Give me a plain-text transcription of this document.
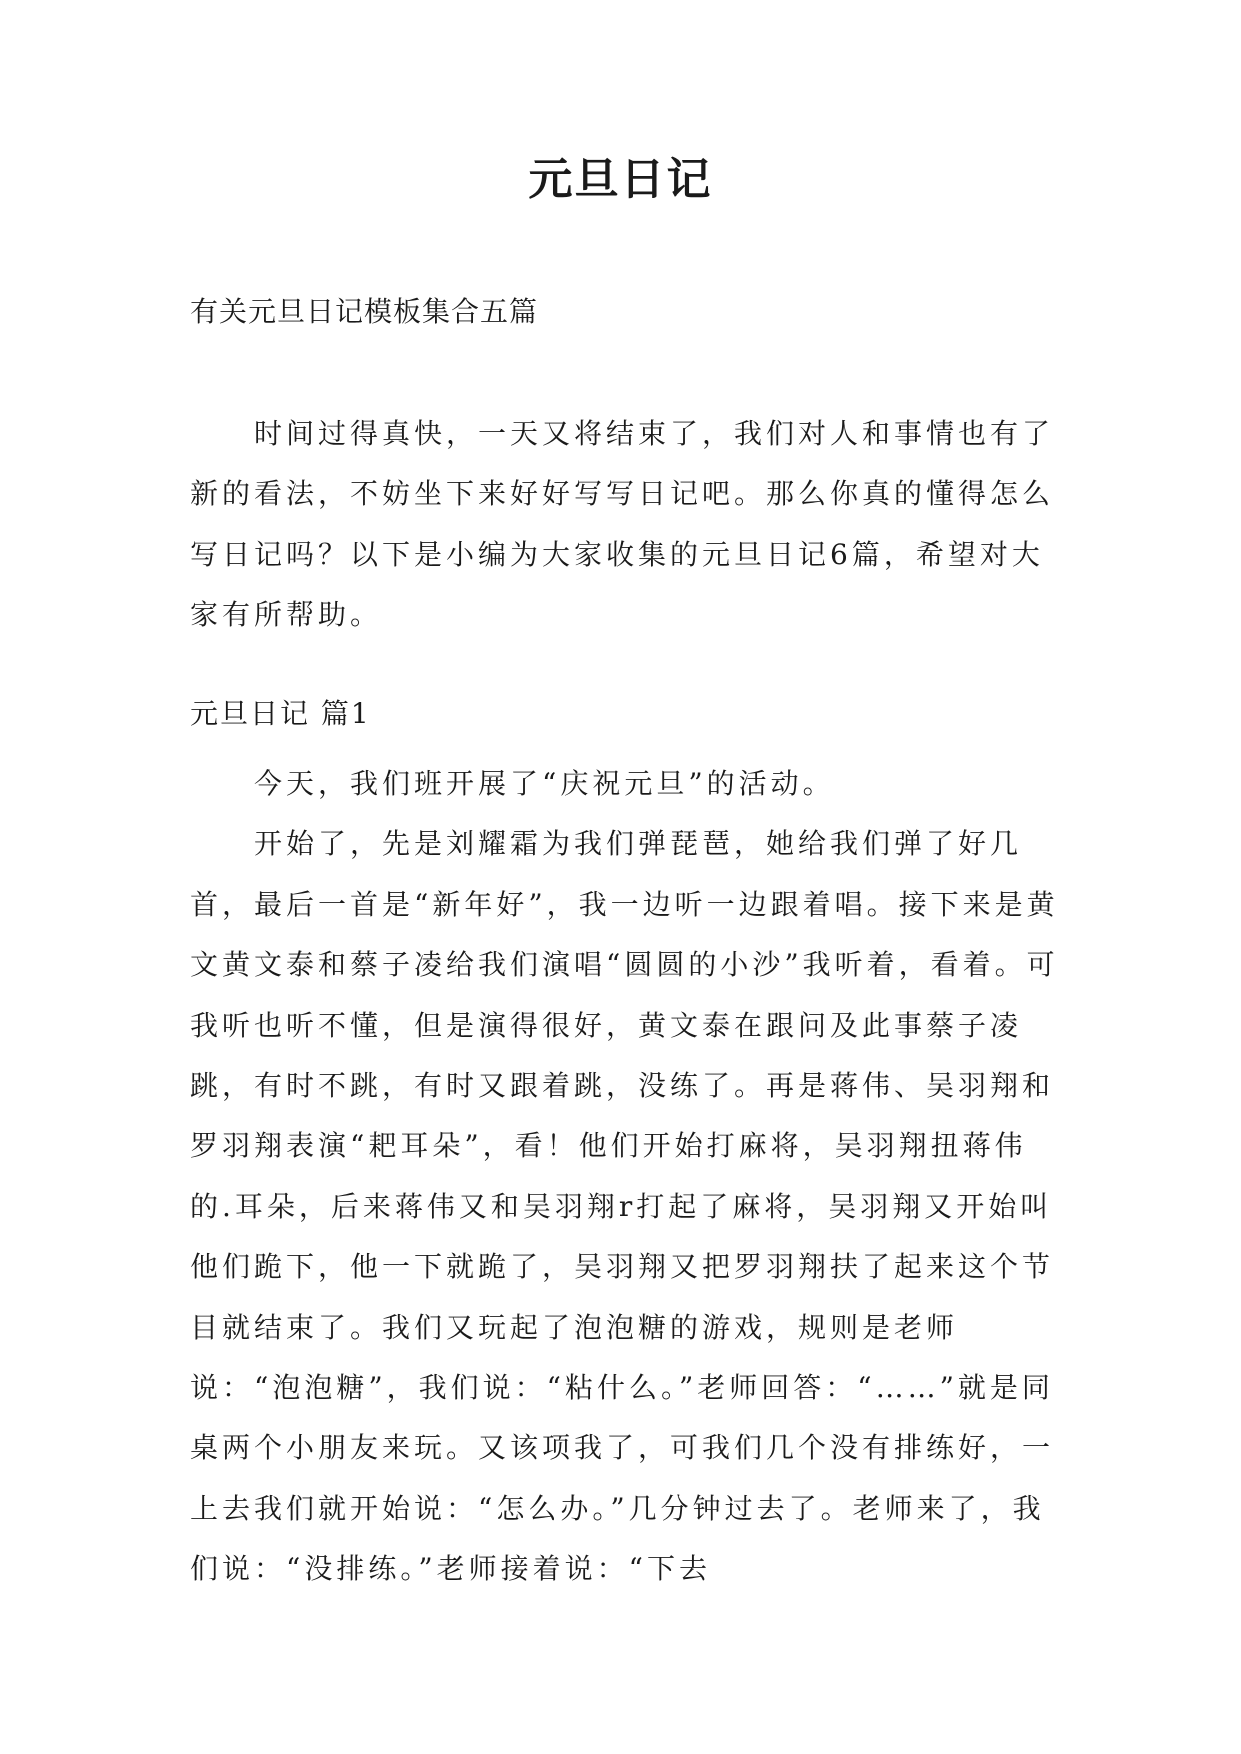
元旦日记
有关元旦日记模板集合五篇

时间过得真快，一天又将结束了，我们对人和事情也有了新的看法，不妨坐下来好好写写日记吧。那么你真的懂得怎么写日记吗？以下是小编为大家收集的元旦日记6篇，希望对大家有所帮助。

元旦日记 篇1
今天，我们班开展了“庆祝元旦”的活动。
开始了，先是刘耀霜为我们弹琵琶，她给我们弹了好几首，最后一首是“新年好”，我一边听一边跟着唱。接下来是黄文黄文泰和蔡子凌给我们演唱“圆圆的小沙”我听着，看着。可我听也听不懂，但是演得很好，黄文泰在跟问及此事蔡子凌跳，有时不跳，有时又跟着跳，没练了。再是蒋伟、吴羽翔和罗羽翔表演“耙耳朵”，看！他们开始打麻将，吴羽翔扭蒋伟的.耳朵，后来蒋伟又和吴羽翔r打起了麻将，吴羽翔又开始叫他们跪下，他一下就跪了，吴羽翔又把罗羽翔扶了起来这个节目就结束了。我们又玩起了泡泡糖的游戏，规则是老师说：“泡泡糖”，我们说：“粘什么。”老师回答：“……”就是同桌两个小朋友来玩。又该项我了，可我们几个没有排练好，一上去我们就开始说：“怎么办。”几分钟过去了。老师来了，我们说：“没排练。”老师接着说：“下去
